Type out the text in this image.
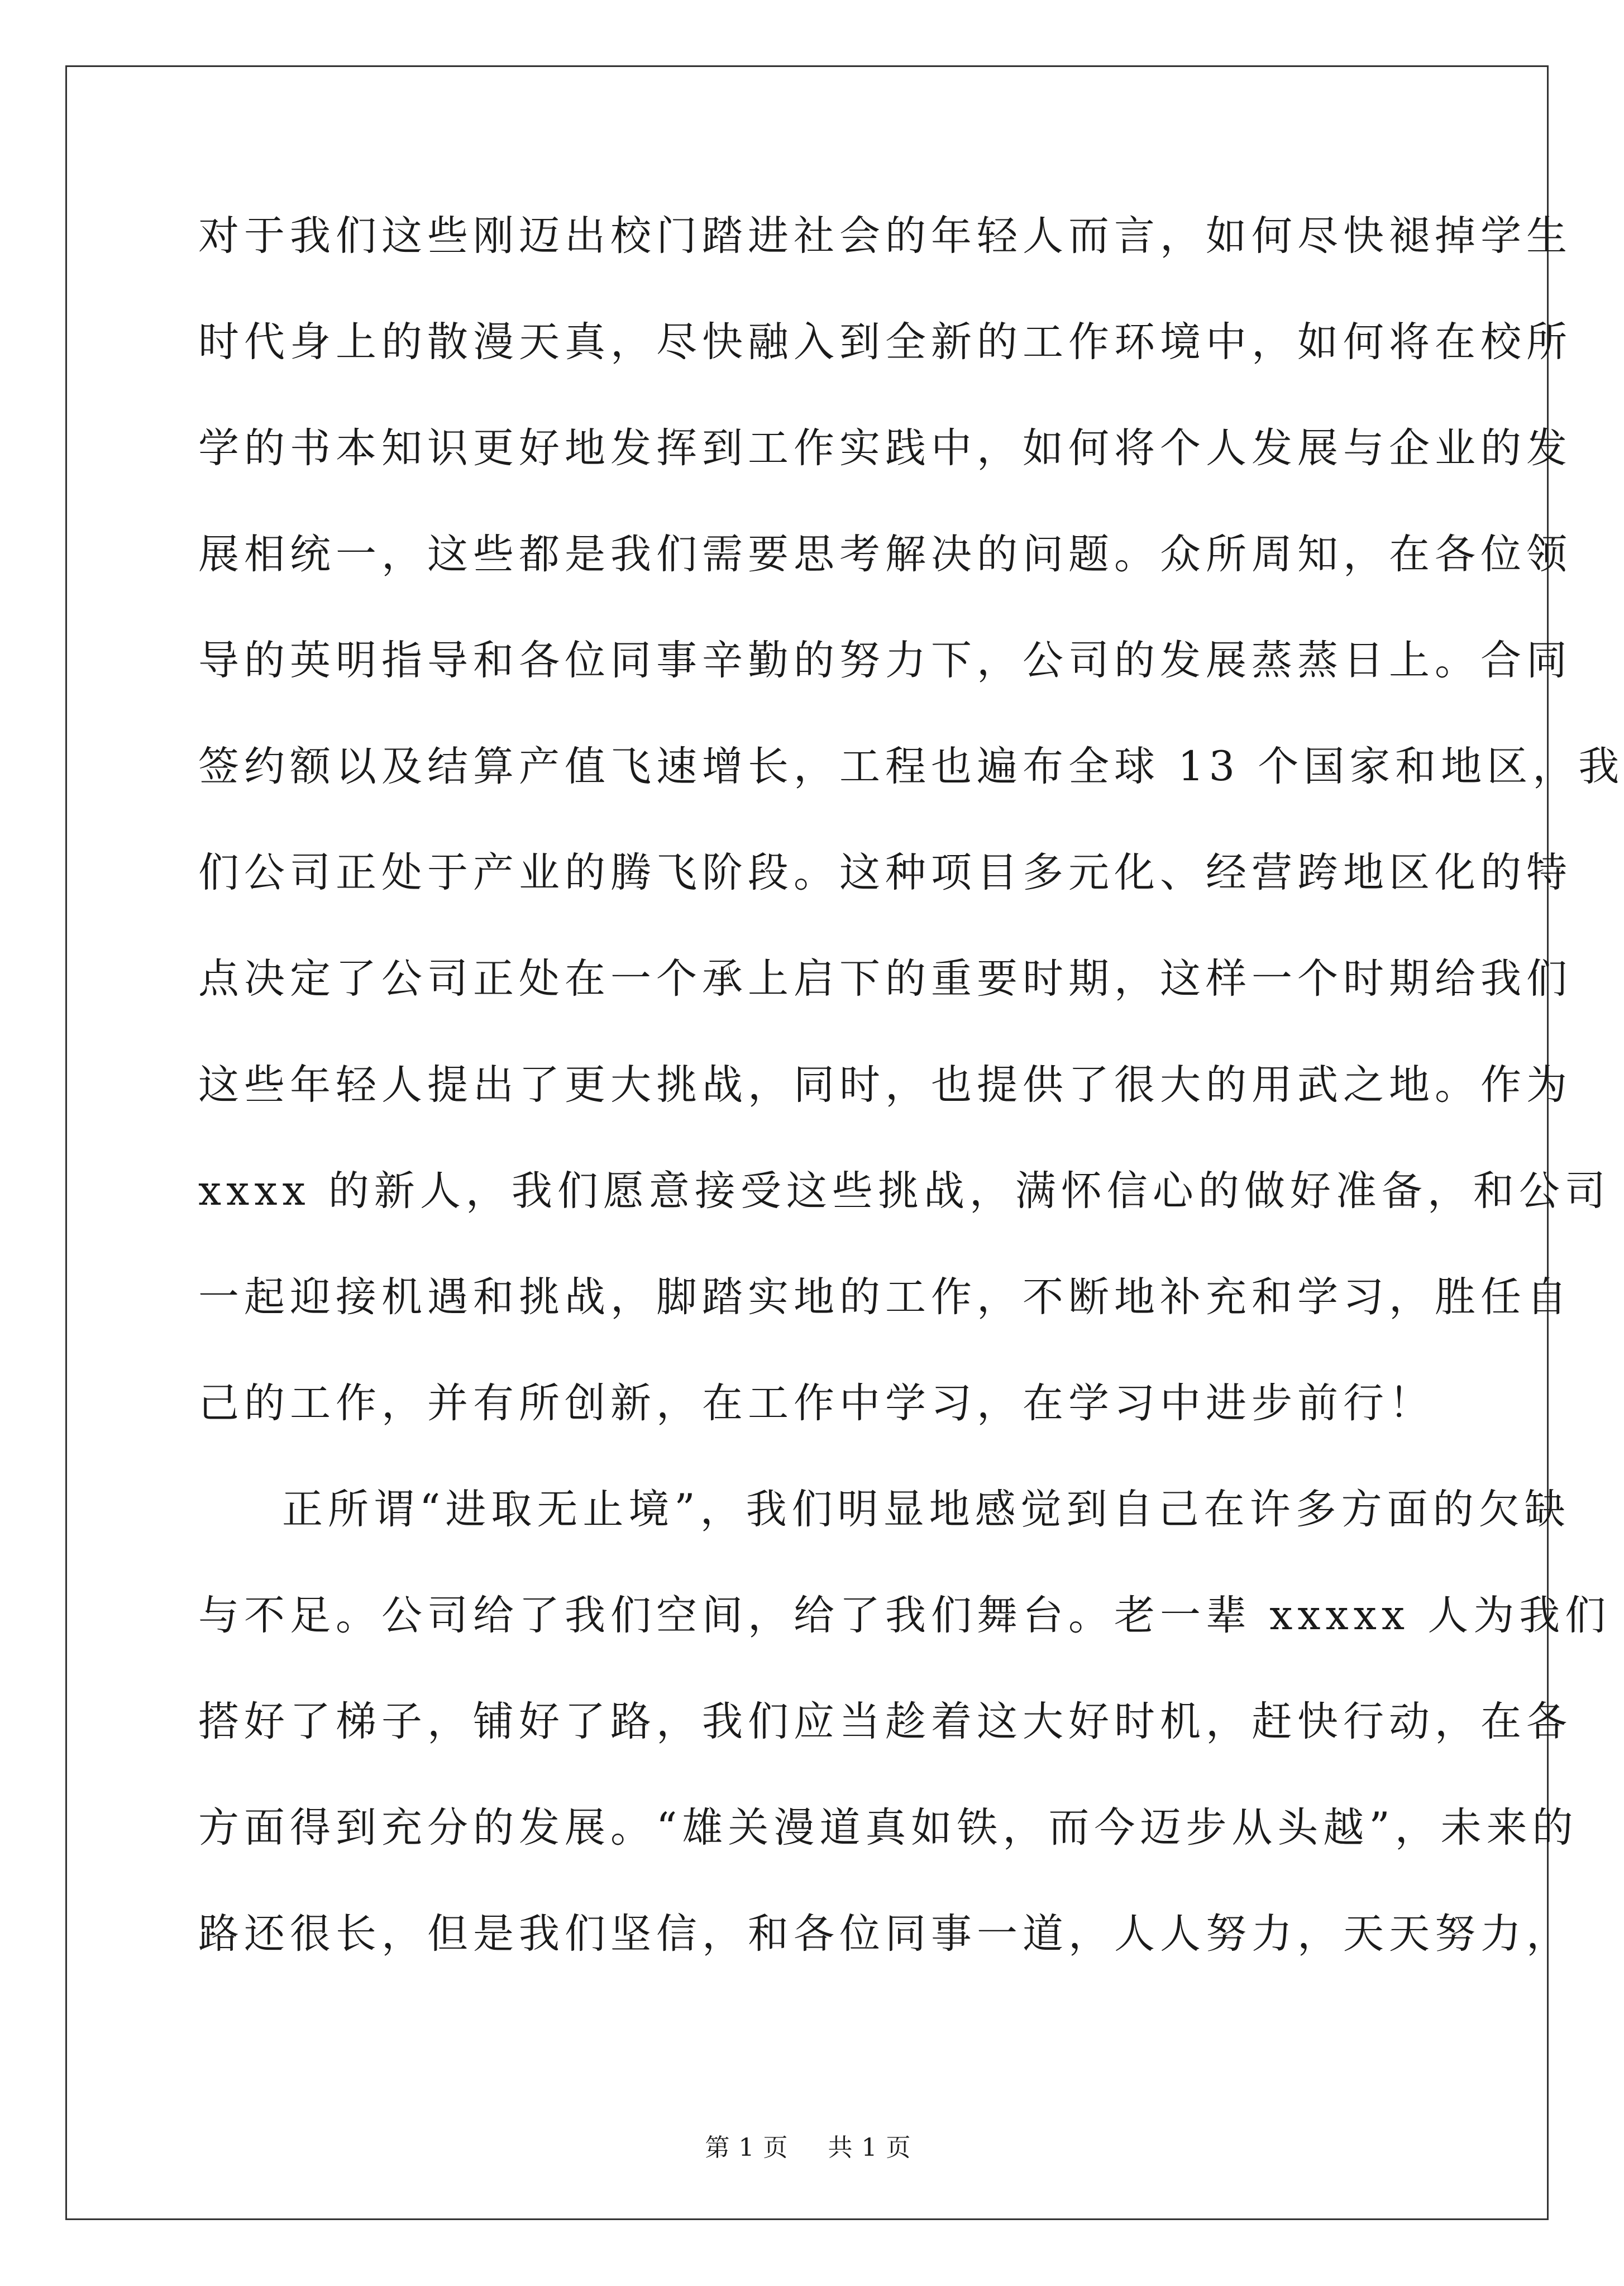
对于我们这些刚迈出校门踏进社会的年轻人而言，如何尽快褪掉学生
时代身上的散漫天真，尽快融入到全新的工作环境中，如何将在校所
学的书本知识更好地发挥到工作实践中，如何将个人发展与企业的发
展相统一，这些都是我们需要思考解决的问题。众所周知，在各位领
导的英明指导和各位同事辛勤的努力下，公司的发展蒸蒸日上。合同
签约额以及结算产值飞速增长，工程也遍布全球 13 个国家和地区，我
们公司正处于产业的腾飞阶段。这种项目多元化、经营跨地区化的特
点决定了公司正处在一个承上启下的重要时期，这样一个时期给我们
这些年轻人提出了更大挑战，同时，也提供了很大的用武之地。作为
xxxx 的新人，我们愿意接受这些挑战，满怀信心的做好准备，和公司
一起迎接机遇和挑战，脚踏实地的工作，不断地补充和学习，胜任自
己的工作，并有所创新，在工作中学习，在学习中进步前行！
正所谓“进取无止境”，我们明显地感觉到自己在许多方面的欠缺
与不足。公司给了我们空间，给了我们舞台。老一辈 xxxxx 人为我们
搭好了梯子，铺好了路，我们应当趁着这大好时机，赶快行动，在各
方面得到充分的发展。“雄关漫道真如铁，而今迈步从头越”，未来的
路还很长，但是我们坚信，和各位同事一道，人人努力，天天努力，
第 1 页 共 1 页
